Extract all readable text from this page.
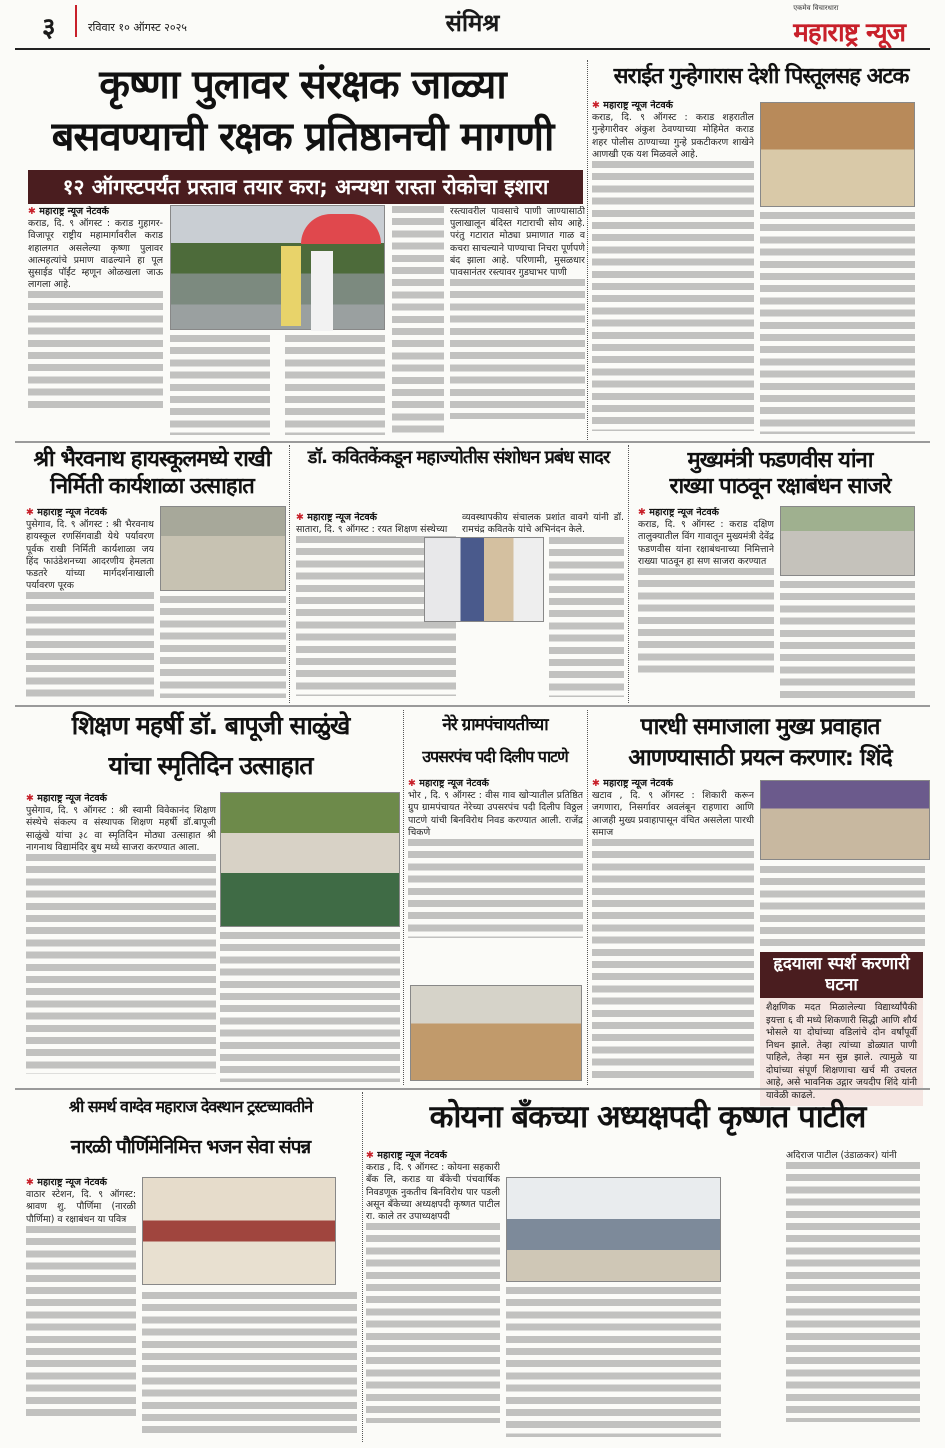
३	रविवार १० ऑगस्ट २०२५	संमिश्र
एकमेव विचारधारा
महाराष्ट्र न्यूज
कृष्णा पुलावर संरक्षक जाळ्या
बसवण्याची रक्षक प्रतिष्ठानची मागणी
१२ ऑगस्टपर्यंत प्रस्ताव तयार करा; अन्यथा रास्ता रोकोचा इशारा
✱ महाराष्ट्र न्यूज नेटवर्क

कराड, दि. ९ ऑगस्ट : कराड गुहागर-विजापूर राष्ट्रीय महामार्गावरील कराड शहालगत असलेल्या कृष्णा पुलावर आत्महत्यांचे प्रमाण वाढल्याने हा पूल सुसाईड पॉईंट म्हणून ओळखला जाऊ लागला आहे.

रस्त्यावरील पावसाचे पाणी जाण्यासाठी पुलाखालून बंदिस्त गटाराची सोय आहे. परंतु गटारात मोठ्या प्रमाणात गाळ व कचरा साचल्याने पाण्याचा निचरा पूर्णपणे बंद झाला आहे. परिणामी, मुसळधार पावसानंतर रस्त्यावर गुडघाभर पाणी

सराईत गुन्हेगारास देशी पिस्तूलसह अटक
✱ महाराष्ट्र न्यूज नेटवर्क

कराड, दि. ९ ऑगस्ट : कराड शहरातील गुन्हेगारीवर अंकुश ठेवण्याच्या मोहिमेत कराड शहर पोलीस ठाण्याच्या गुन्हे प्रकटीकरण शाखेने आणखी एक यश मिळवले आहे.

श्री भैरवनाथ हायस्कूलमध्ये राखी
निर्मिती कार्यशाळा उत्साहात
✱ महाराष्ट्र न्यूज नेटवर्क

पुसेगाव, दि. ९ ऑगस्ट : श्री भैरवनाथ हायस्कूल रणसिंगवाडी येथे पर्यावरण पूर्वक राखी निर्मिती कार्यशाळा जय हिंद फाउंडेशनच्या आदरणीय हेमलता फडतरे यांच्या मार्गदर्शनाखाली पर्यावरण पूरक

डॉ. कवितकेंकडून महाज्योतीस संशोधन प्रबंध सादर
✱ महाराष्ट्र न्यूज नेटवर्क

सातारा, दि. ९ ऑगस्ट : रयत शिक्षण संस्थेच्या

व्यवस्थापकीय संचालक प्रशांत वावगे यांनी डॉ. रामचंद्र कवितके यांचे अभिनंदन केले.
मुख्यमंत्री फडणवीस यांना
राख्या पाठवून रक्षाबंधन साजरे
✱ महाराष्ट्र न्यूज नेटवर्क

कराड, दि. ९ ऑगस्ट : कराड दक्षिण तालुक्यातील विंग गावातून मुख्यमंत्री देवेंद्र फडणवीस यांना रक्षाबंधनाच्या निमित्ताने राख्या पाठवून हा सण साजरा करण्यात

शिक्षण महर्षी डॉ. बापूजी साळुंखे
यांचा स्मृतिदिन उत्साहात
✱ महाराष्ट्र न्यूज नेटवर्क

पुसेगाव, दि. ९ ऑगस्ट : श्री स्वामी विवेकानंद शिक्षण संस्थेचे संकल्प व संस्थापक शिक्षण महर्षी डॉ.बापूजी साळुंखे यांचा ३८ वा स्मृतिदिन मोठ्या उत्साहात श्री नागनाथ विद्यामंदिर बुध मध्ये साजरा करण्यात आला.

नेरे ग्रामपंचायतीच्या
उपसरपंच पदी दिलीप पाटणे
✱ महाराष्ट्र न्यूज नेटवर्क

भोर , दि. ९ ऑगस्ट : वीस गाव खोऱ्यातील प्रतिष्ठित ग्रुप ग्रामपंचायत नेरेच्या उपसरपंच पदी दिलीप विठ्ठल पाटणे यांची बिनविरोध निवड करण्यात आली. राजेंद्र चिकणे

पारधी समाजाला मुख्य प्रवाहात
आणण्यासाठी प्रयत्न करणार: शिंदे
✱ महाराष्ट्र न्यूज नेटवर्क

खटाव , दि. ९ ऑगस्ट : शिकारी करून जगणारा, निसर्गावर अवलंबून राहणारा आणि आजही मुख्य प्रवाहापासून वंचित असलेला पारधी समाज

हृदयाला स्पर्श करणारी घटना
शैक्षणिक मदत मिळालेल्या विद्यार्थ्यांपैकी इयत्ता ६ वी मध्ये शिकणारी सिद्धी आणि शौर्य भोसले या दोघांच्या वडिलांचे दोन वर्षांपूर्वी निधन झाले. तेव्हा त्यांच्या डोळ्यात पाणी पाहिले, तेव्हा मन सुन्न झाले. त्यामुळे या दोघांच्या संपूर्ण शिक्षणाचा खर्च मी उचलत आहे, असे भावनिक उद्गार जयदीप शिंदे यांनी यावेळी काढले.
श्री समर्थ वाग्देव महाराज देवस्थान ट्रस्टच्यावतीने
नारळी पौर्णिमेनिमित्त भजन सेवा संपन्न
✱ महाराष्ट्र न्यूज नेटवर्क

वाठार स्टेशन, दि. ९ ऑगस्ट: श्रावण शु. पौर्णिमा (नारळी पौर्णिमा) व रक्षाबंधन या पवित्र

कोयना बँकच्या अध्यक्षपदी कृष्णत पाटील
✱ महाराष्ट्र न्यूज नेटवर्क

कराड , दि. ९ ऑगस्ट : कोयना सहकारी बँक लि, कराड या बँकेची पंचवार्षिक निवडणूक नुकतीच बिनविरोध पार पडली असून बँकेच्या अध्यक्षपदी कृष्णत पाटील रा. काले तर उपाध्यक्षपदी

अदिराज पाटील (उंडाळकर) यांनी
